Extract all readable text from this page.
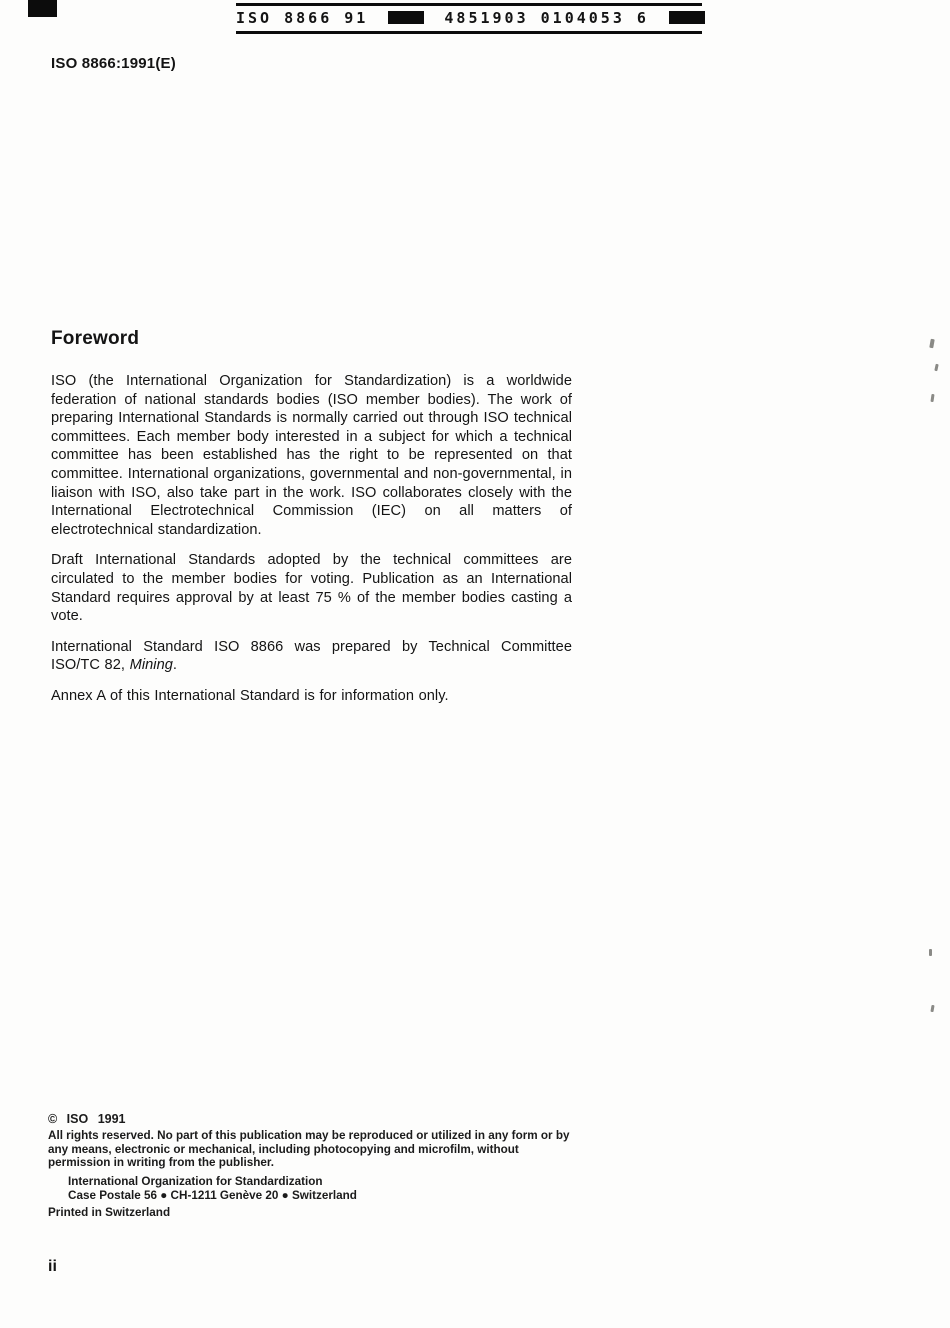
ISO 8866 91	4851903 0104053 6
ISO 8866:1991(E)
Foreword

ISO (the International Organization for Standardization) is a worldwide federation of national standards bodies (ISO member bodies). The work of preparing International Standards is normally carried out through ISO technical committees. Each member body interested in a subject for which a technical committee has been established has the right to be represented on that committee. International organizations, governmental and non-governmental, in liaison with ISO, also take part in the work. ISO collaborates closely with the International Electrotechnical Commission (IEC) on all matters of electrotechnical standardization.

Draft International Standards adopted by the technical committees are circulated to the member bodies for voting. Publication as an International Standard requires approval by at least 75 % of the member bodies casting a vote.

International Standard ISO 8866 was prepared by Technical Committee ISO/TC 82, Mining.

Annex A of this International Standard is for information only.

© ISO 1991
All rights reserved. No part of this publication may be reproduced or utilized in any form or by any means, electronic or mechanical, including photocopying and microfilm, without permission in writing from the publisher.
International Organization for Standardization
Case Postale 56 ● CH-1211 Genève 20 ● Switzerland
Printed in Switzerland
ii
